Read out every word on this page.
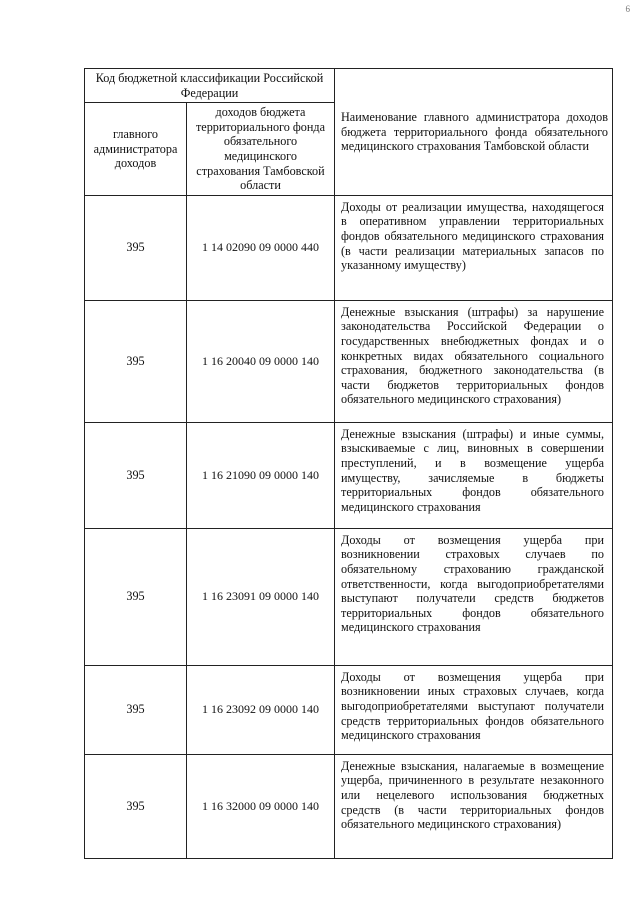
6
Код бюджетной классификации Российской Федерации		Наименование главного администратора доходов бюджета территориального фонда обязательного медицинского страхования Тамбовской области
главного администратора доходов	доходов бюджета территориального фонда обязательного медицинского страхования Тамбовской области	
395	1 14 02090 09 0000 440	Доходы от реализации имущества, находящегося в оперативном управлении территориальных фондов обязательного медицинского страхования (в части реализации материальных запасов по указанному имуществу)
395	1 16 20040 09 0000 140	Денежные взыскания (штрафы) за нарушение законодательства Российской Федерации о государственных внебюджетных фондах и о конкретных видах обязательного социального страхования, бюджетного законодательства (в части бюджетов территориальных фондов обязательного медицинского страхования)
395	1 16 21090 09 0000 140	Денежные взыскания (штрафы) и иные суммы, взыскиваемые с лиц, виновных в совершении преступлений, и в возмещение ущерба имуществу, зачисляемые в бюджеты территориальных фондов обязательного медицинского страхования
395	1 16 23091 09 0000 140	Доходы от возмещения ущерба при возникновении страховых случаев по обязательному страхованию гражданской ответственности, когда выгодоприобретателями выступают получатели средств бюджетов территориальных фондов обязательного медицинского страхования
395	1 16 23092 09 0000 140	Доходы от возмещения ущерба при возникновении иных страховых случаев, когда выгодоприобретателями выступают получатели средств территориальных фондов обязательного медицинского страхования
395	1 16 32000 09 0000 140	Денежные взыскания, налагаемые в возмещение ущерба, причиненного в результате незаконного или нецелевого использования бюджетных средств (в части территориальных фондов обязательного медицинского страхования)
